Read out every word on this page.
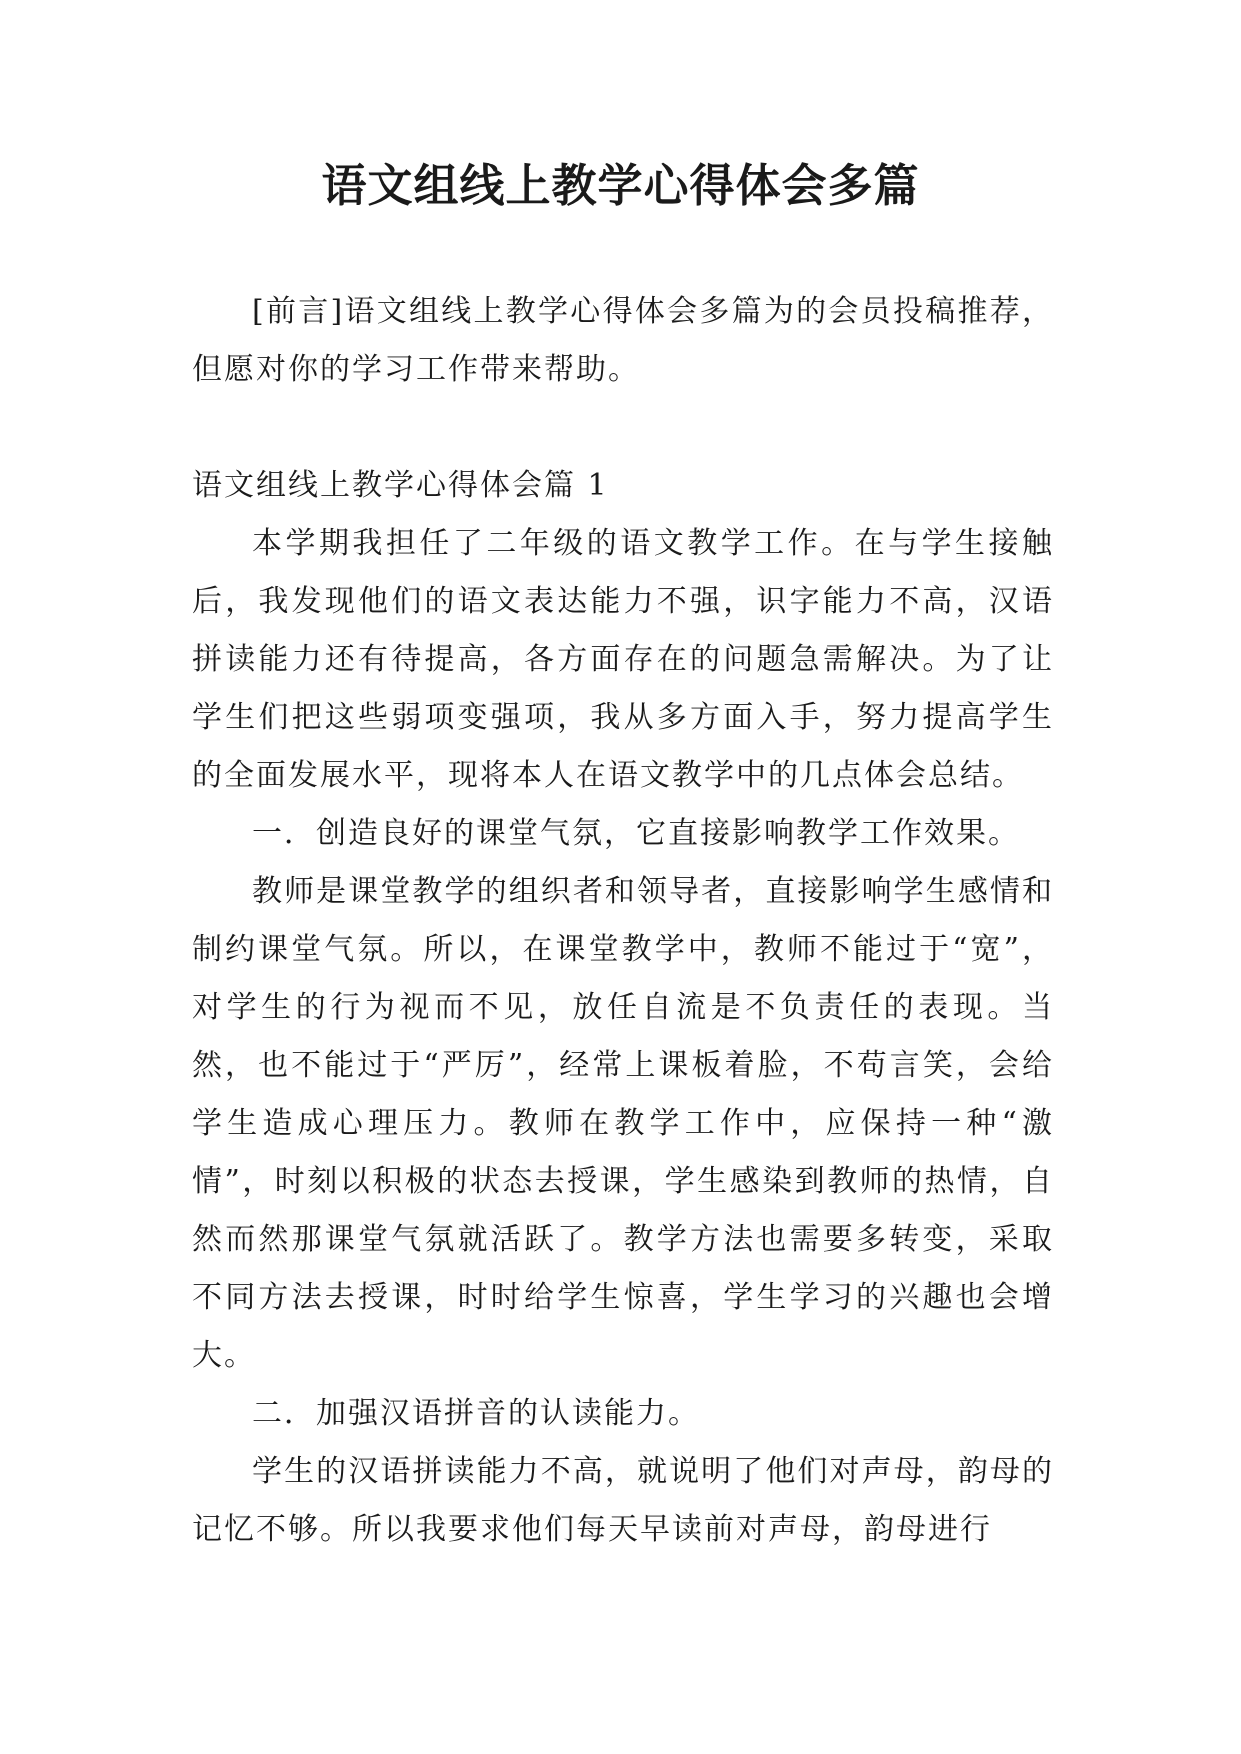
语文组线上教学心得体会多篇

[前言]语文组线上教学心得体会多篇为的会员投稿推荐，但愿对你的学习工作带来帮助。

语文组线上教学心得体会篇 1

本学期我担任了二年级的语文教学工作。在与学生接触后，我发现他们的语文表达能力不强，识字能力不高，汉语拼读能力还有待提高，各方面存在的问题急需解决。为了让学生们把这些弱项变强项，我从多方面入手，努力提高学生的全面发展水平，现将本人在语文教学中的几点体会总结。

一．创造良好的课堂气氛，它直接影响教学工作效果。

教师是课堂教学的组织者和领导者，直接影响学生感情和制约课堂气氛。所以，在课堂教学中，教师不能过于“宽”，对学生的行为视而不见，放任自流是不负责任的表现。当然，也不能过于“严厉”，经常上课板着脸，不苟言笑，会给学生造成心理压力。教师在教学工作中，应保持一种“激情”，时刻以积极的状态去授课，学生感染到教师的热情，自然而然那课堂气氛就活跃了。教学方法也需要多转变，采取不同方法去授课，时时给学生惊喜，学生学习的兴趣也会增大。

二．加强汉语拼音的认读能力。

学生的汉语拼读能力不高，就说明了他们对声母，韵母的记忆不够。所以我要求他们每天早读前对声母，韵母进行
